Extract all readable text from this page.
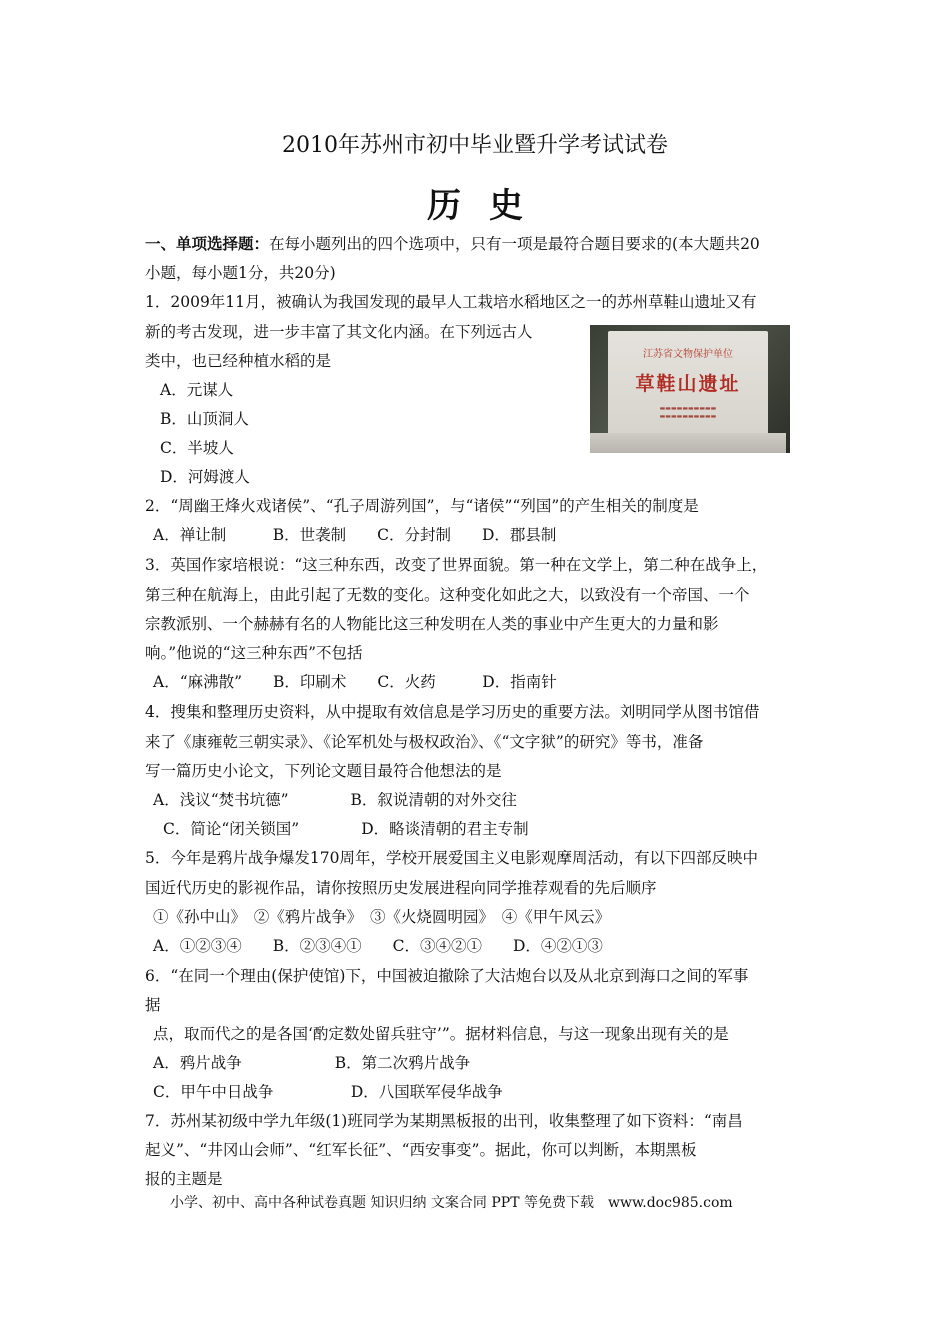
2010年苏州市初中毕业暨升学考试试卷
历史
一、单项选择题：在每小题列出的四个选项中，只有一项是最符合题目要求的(本大题共20
小题，每小题1分，共20分)
1．2009年11月，被确认为我国发现的最早人工栽培水稻地区之一的苏州草鞋山遗址又有
新的考古发现，进一步丰富了其文化内涵。在下列远古人
类中，也已经种植水稻的是
A．元谋人
B．山顶洞人
C．半坡人
D．河姆渡人
江苏省文物保护单位
草鞋山遗址
▬▬▬▬▬▬▬▬▬▬
▬▬▬▬▬▬▬▬▬▬
2．“周幽王烽火戏诸侯”、“孔子周游列国”，与“诸侯”“列国”的产生相关的制度是
A．禅让制　　　B．世袭制　　C．分封制　　D．郡县制
3．英国作家培根说：“这三种东西，改变了世界面貌。第一种在文学上，第二种在战争上，
第三种在航海上，由此引起了无数的变化。这种变化如此之大，以致没有一个帝国、一个
宗教派别、一个赫赫有名的人物能比这三种发明在人类的事业中产生更大的力量和影
响。”他说的“这三种东西”不包括
A．“麻沸散”　　B．印刷术　　C．火药　　　D．指南针
4．搜集和整理历史资料，从中提取有效信息是学习历史的重要方法。刘明同学从图书馆借
来了《康雍乾三朝实录》、《论军机处与极权政治》、《“文字狱”的研究》等书，准备
写一篇历史小论文，下列论文题目最符合他想法的是
A．浅议“焚书坑德”　　　　B．叙说清朝的对外交往
C．简论“闭关锁国”　　　　D．略谈清朝的君主专制
5．今年是鸦片战争爆发170周年，学校开展爱国主义电影观摩周活动，有以下四部反映中
国近代历史的影视作品，请你按照历史发展进程向同学推荐观看的先后顺序
①《孙中山》　②《鸦片战争》　③《火烧圆明园》　④《甲午风云》
A．①②③④　　B．②③④①　　C．③④②①　　D．④②①③
6．“在同一个理由(保护使馆)下，中国被迫撤除了大沽炮台以及从北京到海口之间的军事
据
点，取而代之的是各国‘酌定数处留兵驻守’”。据材料信息，与这一现象出现有关的是
A．鸦片战争　　　　　　B．第二次鸦片战争
C．甲午中日战争　　　　　D．八国联军侵华战争
7．苏州某初级中学九年级(1)班同学为某期黑板报的出刊，收集整理了如下资料：“南昌
起义”、“井冈山会师”、“红军长征”、“西安事变”。据此，你可以判断，本期黑板
报的主题是
小学、初中、高中各种试卷真题 知识归纳 文案合同 PPT 等免费下载　www.doc985.com
